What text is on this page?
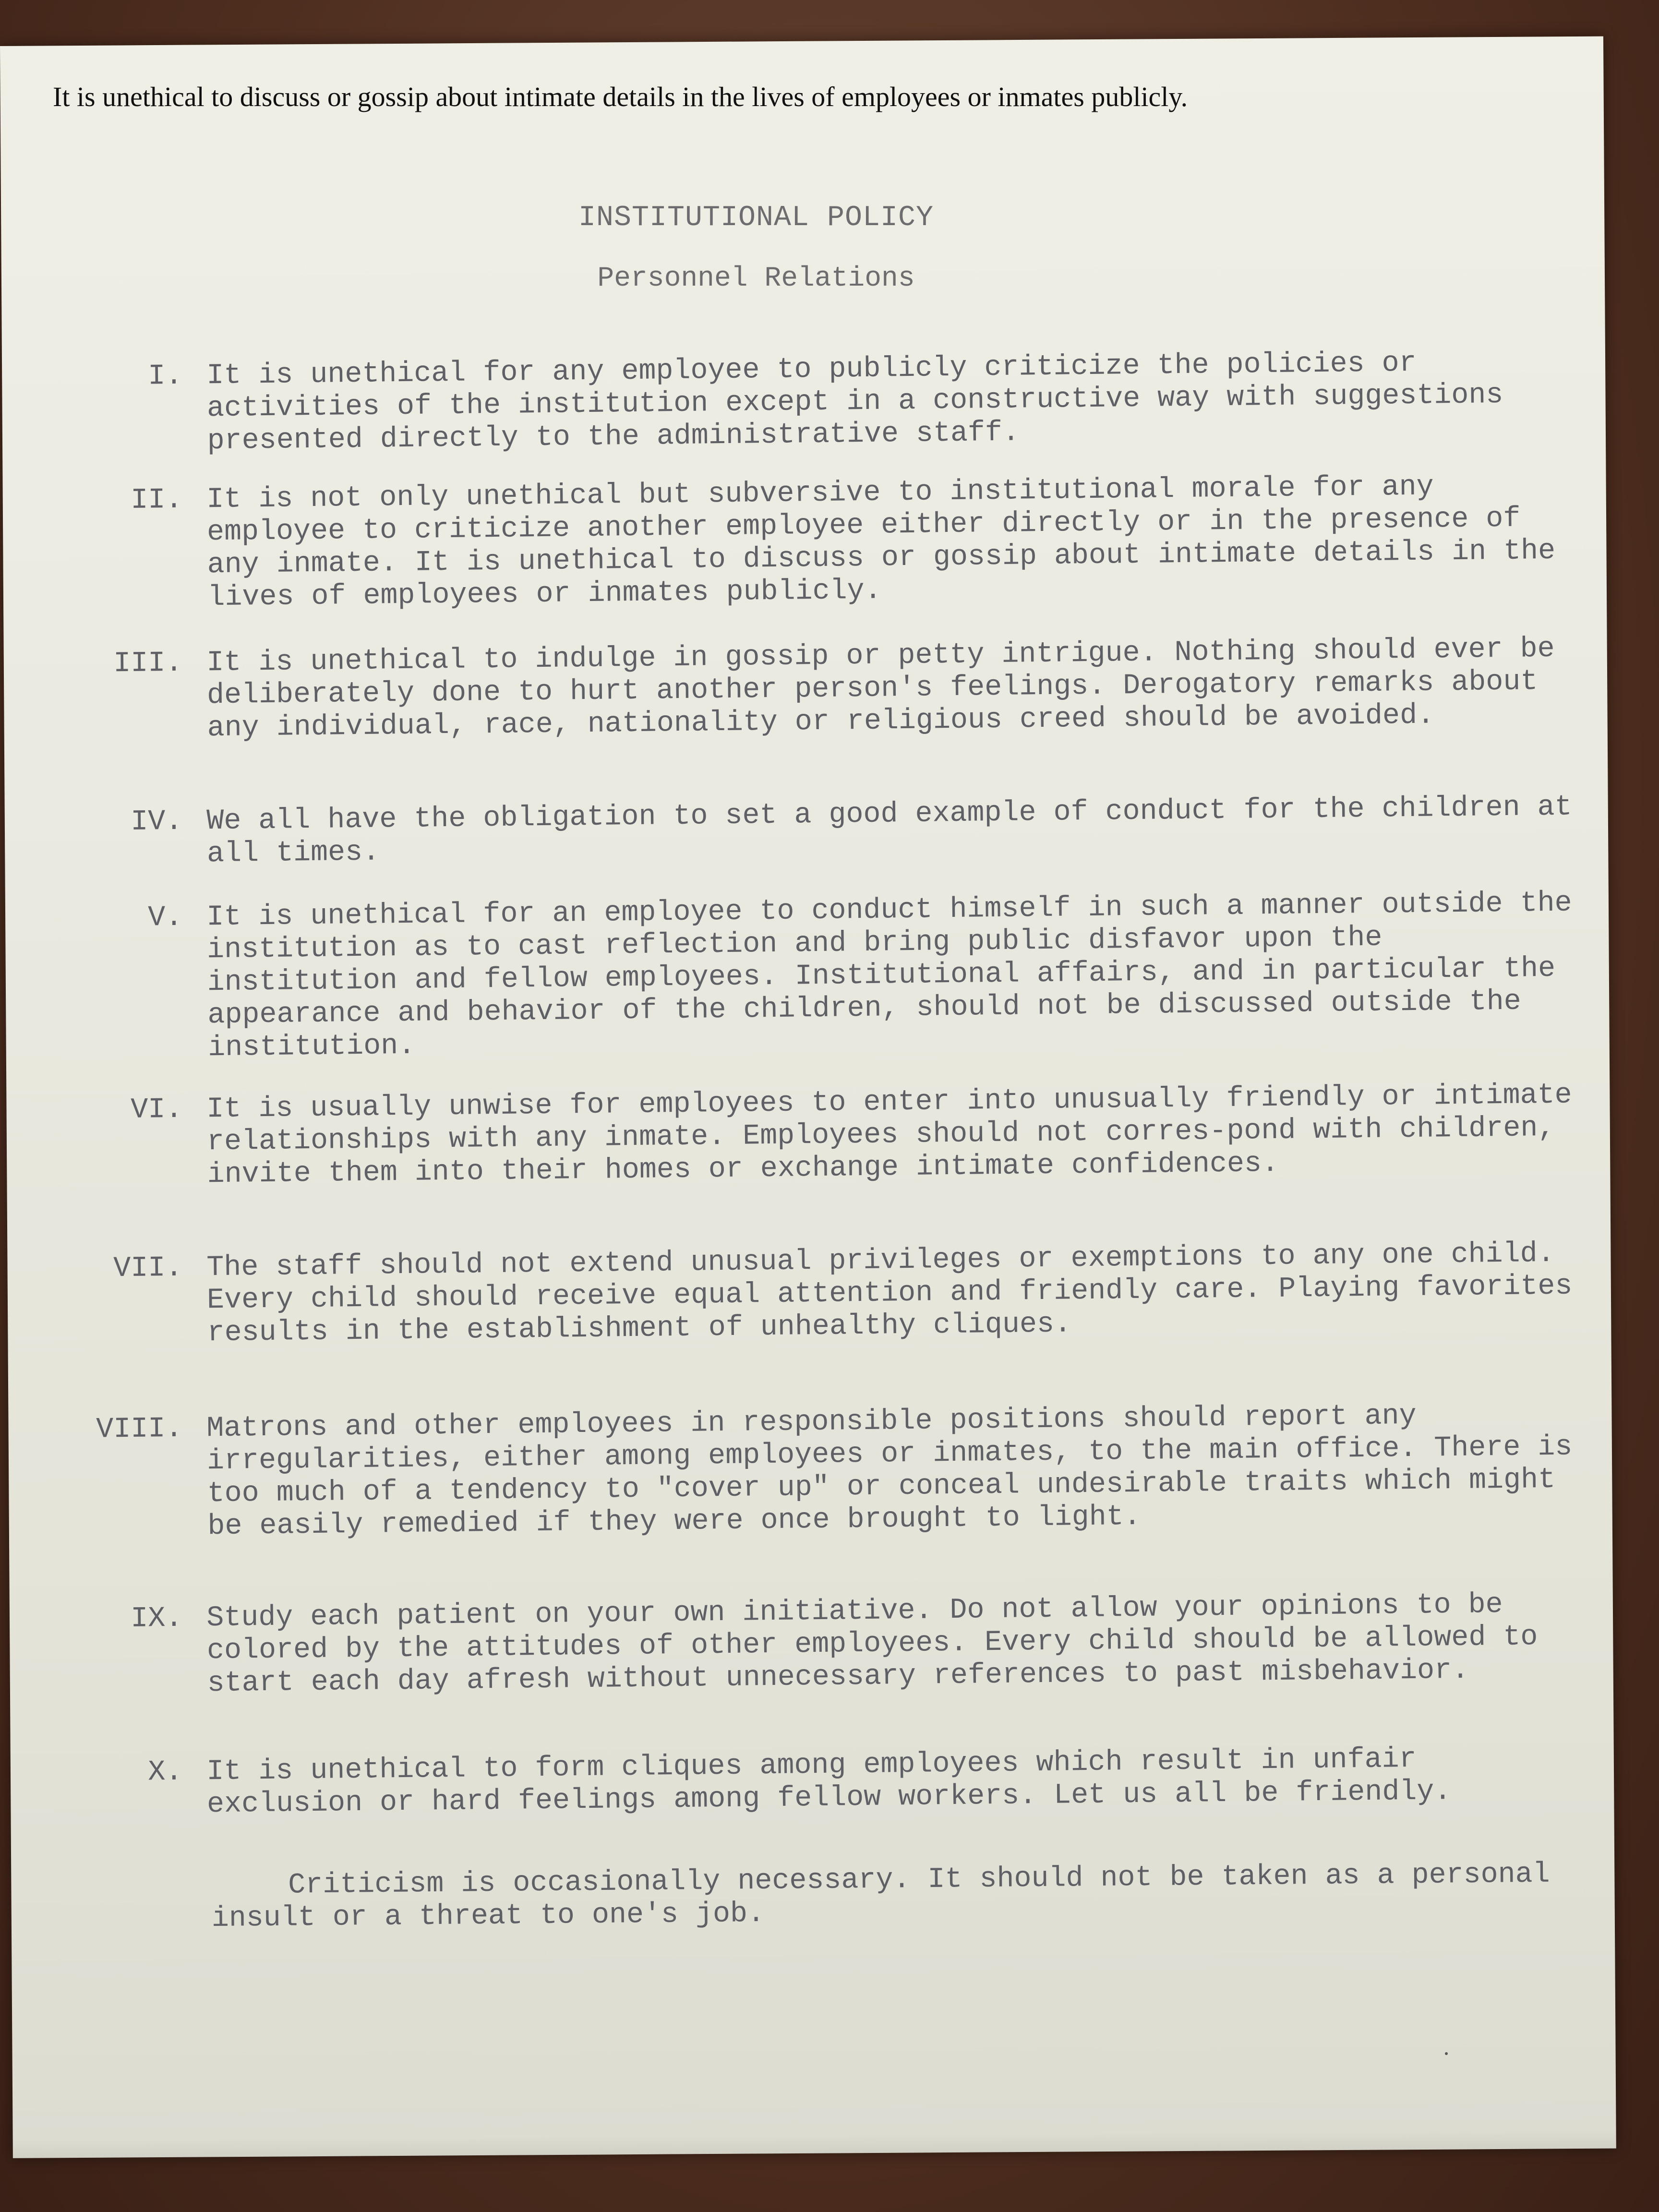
It is unethical to discuss or gossip about intimate details in the lives of employees or inmates publicly.
INSTITUTIONAL POLICY
Personnel Relations
I. It is unethical for any employee to publicly criticize the policies or activities of the institution except in a constructive way with suggestions presented directly to the administrative staff.
II. It is not only unethical but subversive to institutional morale for any employee to criticize another employee either directly or in the presence of any inmate. It is unethical to discuss or gossip about intimate details in the lives of employees or inmates publicly.
III. It is unethical to indulge in gossip or petty intrigue. Nothing should ever be deliberately done to hurt another person's feelings. Derogatory remarks about any individual, race, nationality or religious creed should be avoided.
IV. We all have the obligation to set a good example of conduct for the children at all times.
V. It is unethical for an employee to conduct himself in such a manner outside the institution as to cast reflection and bring public disfavor upon the institution and fellow employees. Institutional affairs, and in particular the appearance and behavior of the children, should not be discussed outside the institution.
VI. It is usually unwise for employees to enter into unusually friendly or intimate relationships with any inmate. Employees should not corres-pond with children, invite them into their homes or exchange intimate confidences.
VII. The staff should not extend unusual privileges or exemptions to any one child. Every child should receive equal attention and friendly care. Playing favorites results in the establishment of unhealthy cliques.
VIII. Matrons and other employees in responsible positions should report any irregularities, either among employees or inmates, to the main office. There is too much of a tendency to "cover up" or conceal undesirable traits which might be easily remedied if they were once brought to light.
IX. Study each patient on your own initiative. Do not allow your opinions to be colored by the attitudes of other employees. Every child should be allowed to start each day afresh without unnecessary references to past misbehavior.
X. It is unethical to form cliques among employees which result in unfair exclusion or hard feelings among fellow workers. Let us all be friendly.
Criticism is occasionally necessary. It should not be taken as a personal insult or a threat to one's job.
